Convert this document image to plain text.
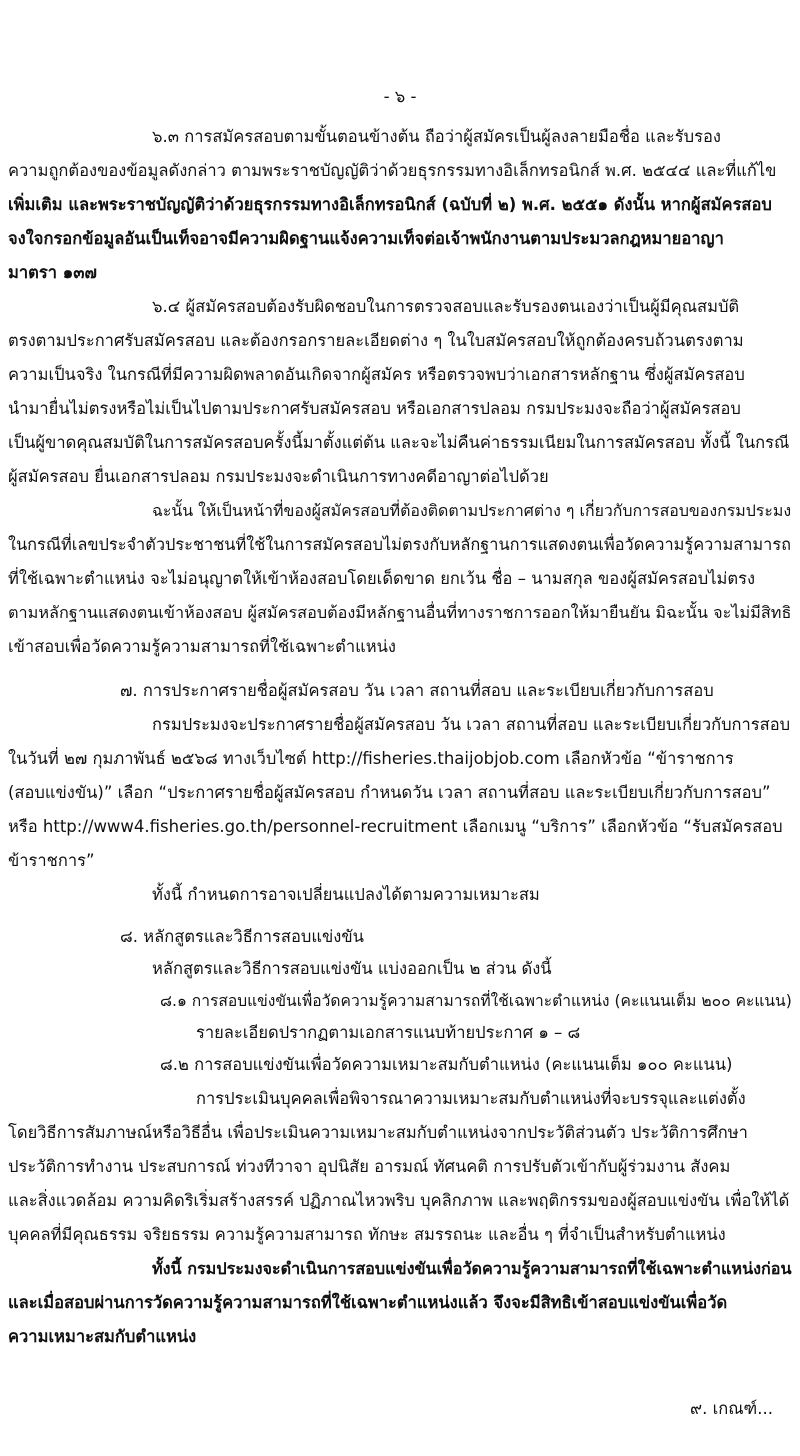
- ๖ -
๖.๓ การสมัครสอบตามขั้นตอนข้างต้น ถือว่าผู้สมัครเป็นผู้ลงลายมือชื่อ และรับรอง
ความถูกต้องของข้อมูลดังกล่าว ตามพระราชบัญญัติว่าด้วยธุรกรรมทางอิเล็กทรอนิกส์ พ.ศ. ๒๕๔๔ และที่แก้ไข
เพิ่มเติม และพระราชบัญญัติว่าด้วยธุรกรรมทางอิเล็กทรอนิกส์ (ฉบับที่ ๒) พ.ศ. ๒๕๕๑ ดังนั้น หากผู้สมัครสอบ
จงใจกรอกข้อมูลอันเป็นเท็จอาจมีความผิดฐานแจ้งความเท็จต่อเจ้าพนักงานตามประมวลกฎหมายอาญา
มาตรา ๑๓๗
๖.๔ ผู้สมัครสอบต้องรับผิดชอบในการตรวจสอบและรับรองตนเองว่าเป็นผู้มีคุณสมบัติ
ตรงตามประกาศรับสมัครสอบ และต้องกรอกรายละเอียดต่าง ๆ ในใบสมัครสอบให้ถูกต้องครบถ้วนตรงตาม
ความเป็นจริง ในกรณีที่มีความผิดพลาดอันเกิดจากผู้สมัคร หรือตรวจพบว่าเอกสารหลักฐาน ซึ่งผู้สมัครสอบ
นำมายื่นไม่ตรงหรือไม่เป็นไปตามประกาศรับสมัครสอบ หรือเอกสารปลอม กรมประมงจะถือว่าผู้สมัครสอบ
เป็นผู้ขาดคุณสมบัติในการสมัครสอบครั้งนี้มาตั้งแต่ต้น และจะไม่คืนค่าธรรมเนียมในการสมัครสอบ ทั้งนี้ ในกรณี
ผู้สมัครสอบ ยื่นเอกสารปลอม กรมประมงจะดำเนินการทางคดีอาญาต่อไปด้วย
ฉะนั้น ให้เป็นหน้าที่ของผู้สมัครสอบที่ต้องติดตามประกาศต่าง ๆ เกี่ยวกับการสอบของกรมประมง
ในกรณีที่เลขประจำตัวประชาชนที่ใช้ในการสมัครสอบไม่ตรงกับหลักฐานการแสดงตนเพื่อวัดความรู้ความสามารถ
ที่ใช้เฉพาะตำแหน่ง จะไม่อนุญาตให้เข้าห้องสอบโดยเด็ดขาด ยกเว้น ชื่อ – นามสกุล ของผู้สมัครสอบไม่ตรง
ตามหลักฐานแสดงตนเข้าห้องสอบ ผู้สมัครสอบต้องมีหลักฐานอื่นที่ทางราชการออกให้มายืนยัน มิฉะนั้น จะไม่มีสิทธิ
เข้าสอบเพื่อวัดความรู้ความสามารถที่ใช้เฉพาะตำแหน่ง
๗. การประกาศรายชื่อผู้สมัครสอบ วัน เวลา สถานที่สอบ และระเบียบเกี่ยวกับการสอบ
กรมประมงจะประกาศรายชื่อผู้สมัครสอบ วัน เวลา สถานที่สอบ และระเบียบเกี่ยวกับการสอบ
ในวันที่ ๒๗ กุมภาพันธ์ ๒๕๖๘ ทางเว็บไซต์ http://fisheries.thaijobjob.com เลือกหัวข้อ “ข้าราชการ
(สอบแข่งขัน)” เลือก “ประกาศรายชื่อผู้สมัครสอบ กำหนดวัน เวลา สถานที่สอบ และระเบียบเกี่ยวกับการสอบ”
หรือ http://www4.fisheries.go.th/personnel-recruitment เลือกเมนู “บริการ” เลือกหัวข้อ “รับสมัครสอบ
ข้าราชการ”
ทั้งนี้ กำหนดการอาจเปลี่ยนแปลงได้ตามความเหมาะสม
๘. หลักสูตรและวิธีการสอบแข่งขัน
หลักสูตรและวิธีการสอบแข่งขัน แบ่งออกเป็น ๒ ส่วน ดังนี้
๘.๑ การสอบแข่งขันเพื่อวัดความรู้ความสามารถที่ใช้เฉพาะตำแหน่ง (คะแนนเต็ม ๒๐๐ คะแนน)
รายละเอียดปรากฏตามเอกสารแนบท้ายประกาศ ๑ – ๘
๘.๒ การสอบแข่งขันเพื่อวัดความเหมาะสมกับตำแหน่ง (คะแนนเต็ม ๑๐๐ คะแนน)
การประเมินบุคคลเพื่อพิจารณาความเหมาะสมกับตำแหน่งที่จะบรรจุและแต่งตั้ง
โดยวิธีการสัมภาษณ์หรือวิธีอื่น เพื่อประเมินความเหมาะสมกับตำแหน่งจากประวัติส่วนตัว ประวัติการศึกษา
ประวัติการทำงาน ประสบการณ์ ท่วงทีวาจา อุปนิสัย อารมณ์ ทัศนคติ การปรับตัวเข้ากับผู้ร่วมงาน สังคม
และสิ่งแวดล้อม ความคิดริเริ่มสร้างสรรค์ ปฏิภาณไหวพริบ บุคลิกภาพ และพฤติกรรมของผู้สอบแข่งขัน เพื่อให้ได้
บุคคลที่มีคุณธรรม จริยธรรม ความรู้ความสามารถ ทักษะ สมรรถนะ และอื่น ๆ ที่จำเป็นสำหรับตำแหน่ง
ทั้งนี้ กรมประมงจะดำเนินการสอบแข่งขันเพื่อวัดความรู้ความสามารถที่ใช้เฉพาะตำแหน่งก่อน
และเมื่อสอบผ่านการวัดความรู้ความสามารถที่ใช้เฉพาะตำแหน่งแล้ว จึงจะมีสิทธิเข้าสอบแข่งขันเพื่อวัด
ความเหมาะสมกับตำแหน่ง
๙. เกณฑ์...
